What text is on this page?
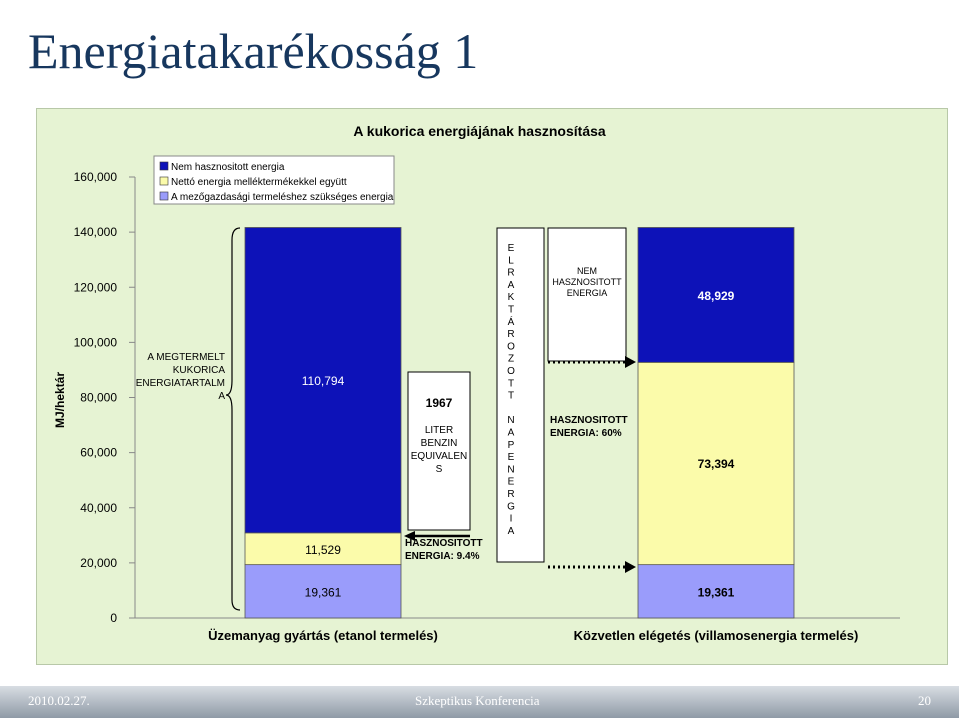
Energiatakarékosság 1
A kukorica energiájának hasznosítása
160,000
140,000
120,000
100,000
80,000
60,000
40,000
20,000
0
MJ/hektár
19,361
11,529
110,794
Üzemanyag gyártás (etanol termelés)
19,361
73,394
48,929
Közvetlen elégetés (villamosenergia termelés)
Nem hasznositott energia
Nettó energia melléktermékekkel együtt
A mezőgazdasági termeléshez szükséges energia
A MEGTERMELT
KUKORICA
ENERGIATARTALM
A	1967
LITER
BENZIN
EQUIVALEN
S
HASZNOSITOTT
ENERGIA: 9.4%
E
L
R
A
K
T
Á
R
O
Z
O
T
T
N
A
P
E
N
E
R
G
I
A
NEM
HASZNOSITOTT
ENERGIA
HASZNOSITOTT
ENERGIA: 60%
2010.02.27.	Szkeptikus Konferencia	20
